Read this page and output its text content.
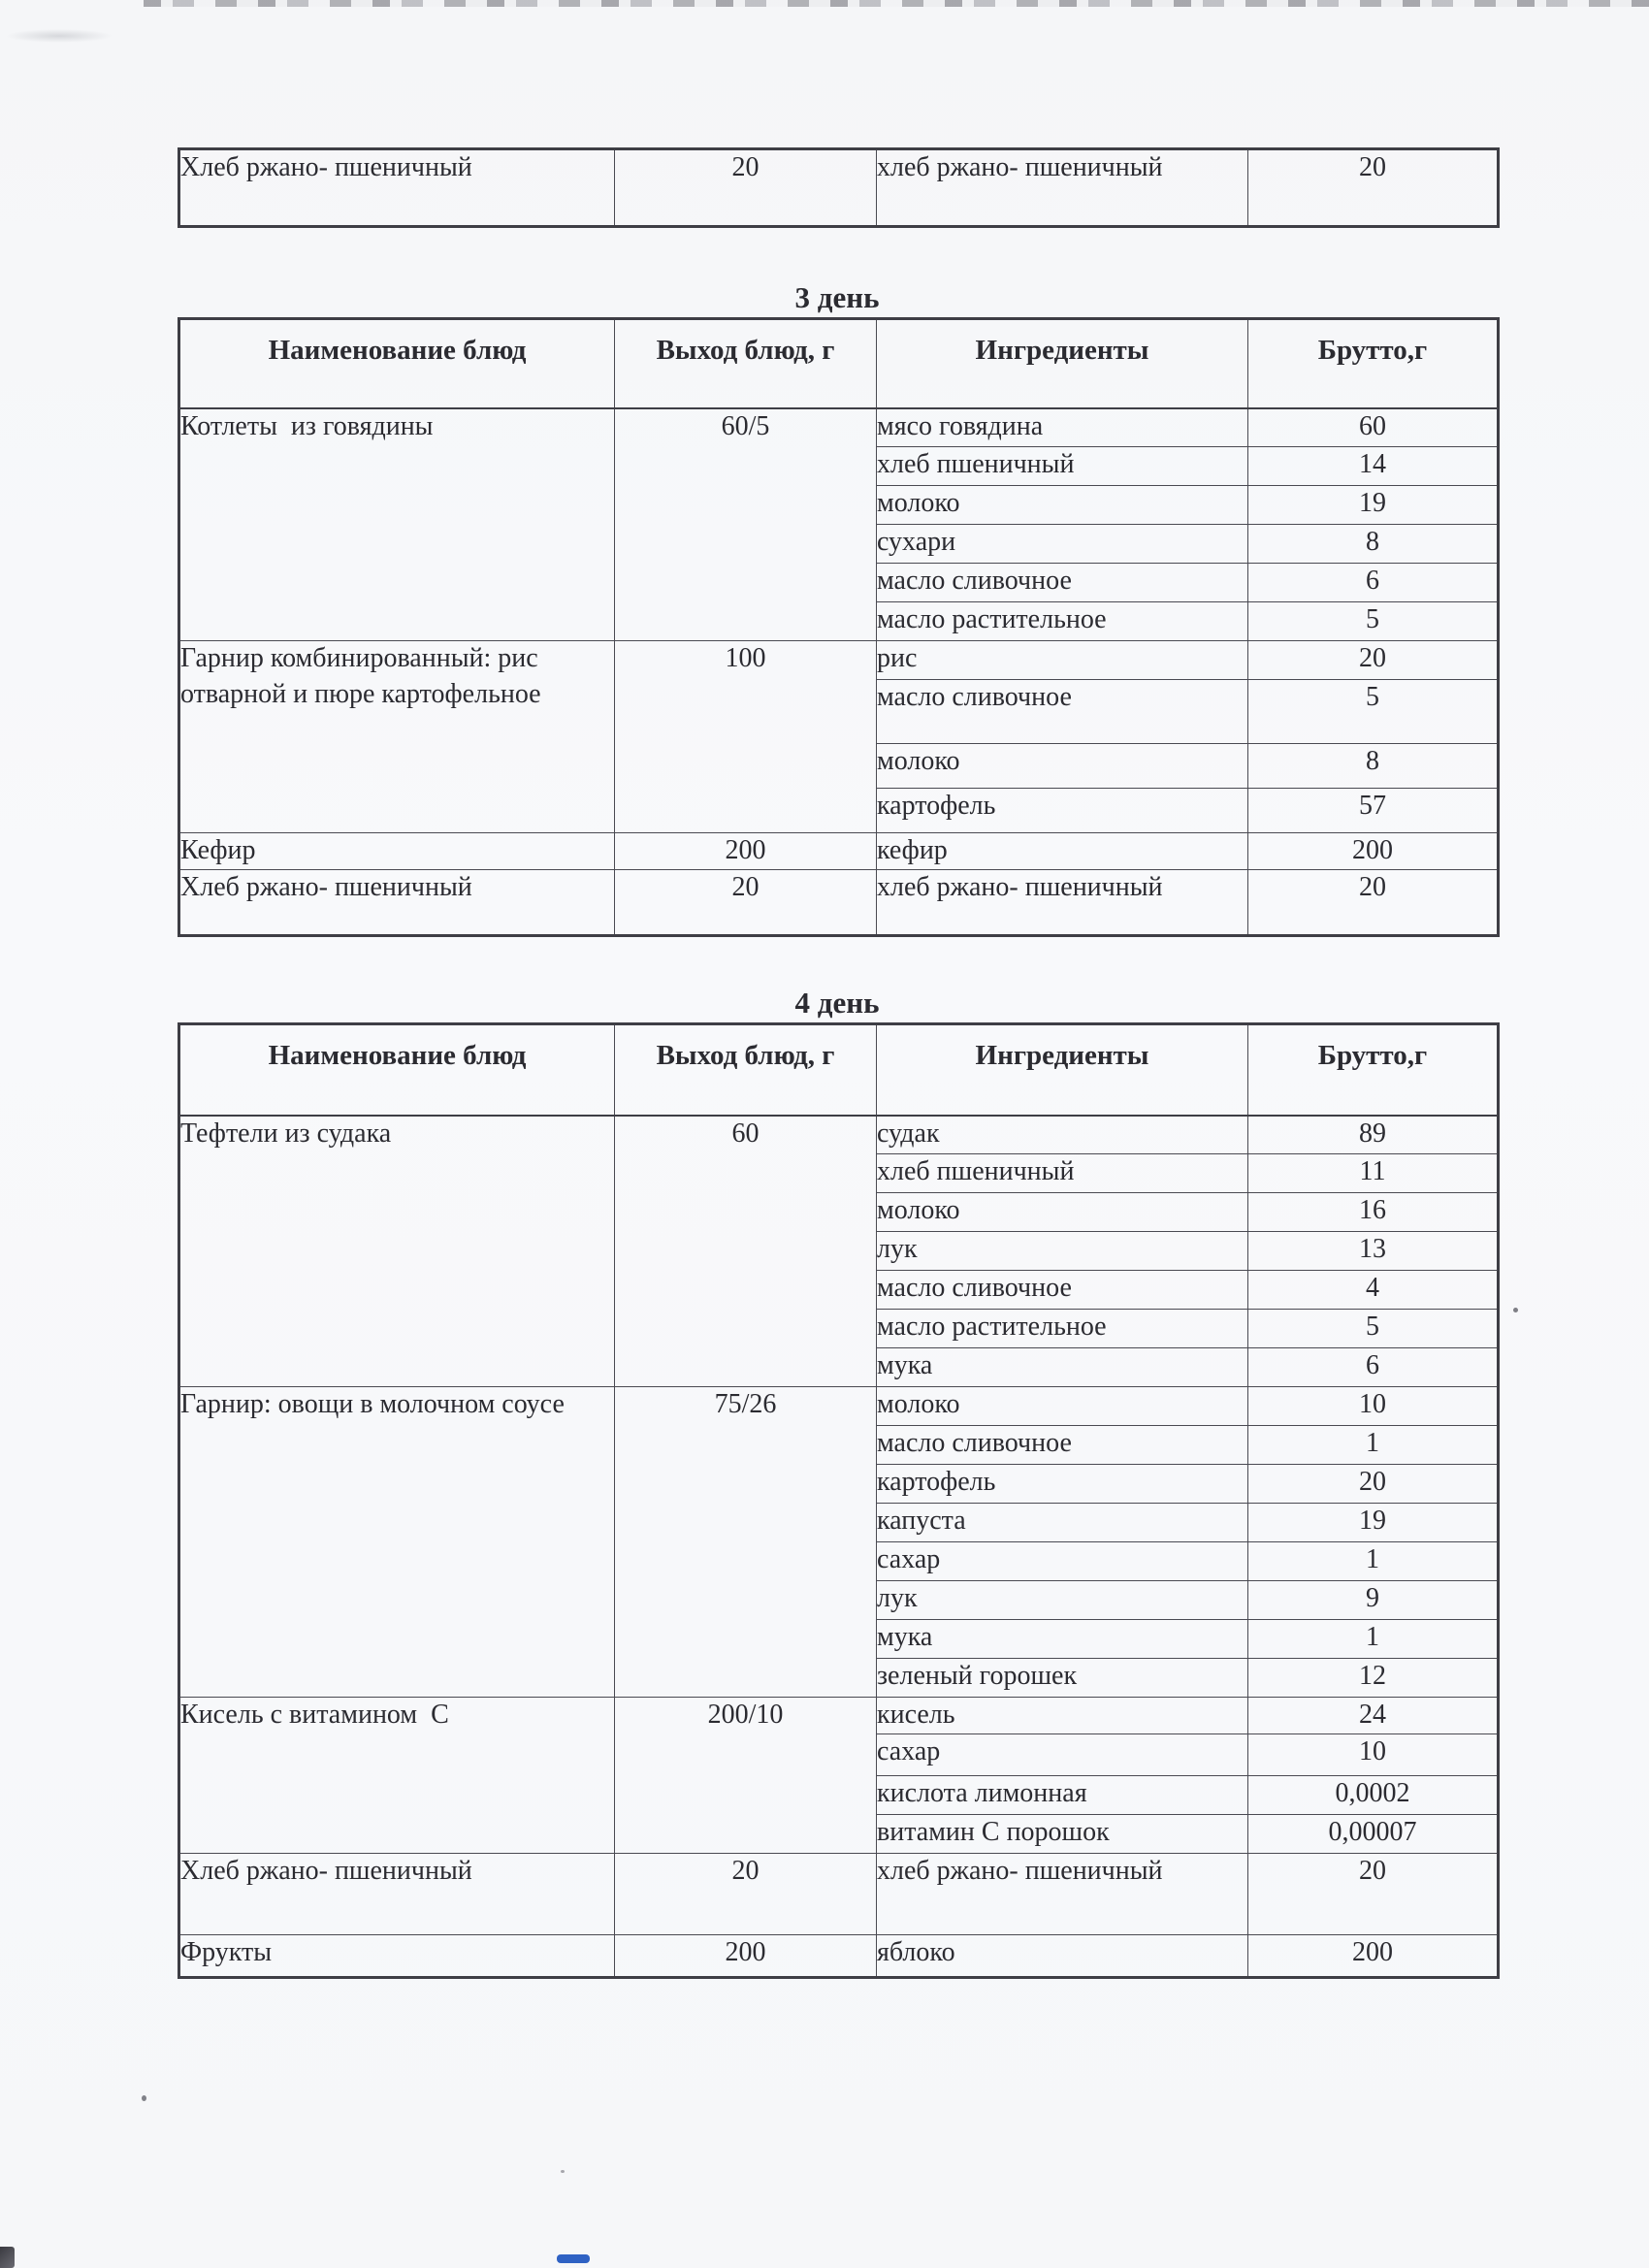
Хлеб ржано- пшеничный	20	хлеб ржано- пшеничный	20
3 день
Наименование блюд	Выход блюд, г	Ингредиенты	Брутто,г
Котлеты  из говядины	60/5	мясо говядина	60
		хлеб пшеничный	14
		молоко	19
		сухари	8
		масло сливочное	6
		масло растительное	5
Гарнир комбинированный: рис отварной и пюре картофельное	100	рис	20
		масло сливочное	5
		молоко	8
		картофель	57
Кефир	200	кефир	200
Хлеб ржано- пшеничный	20	хлеб ржано- пшеничный	20
4 день
Наименование блюд	Выход блюд, г	Ингредиенты	Брутто,г
Тефтели из судака	60	судак	89
		хлеб пшеничный	11
		молоко	16
		лук	13
		масло сливочное	4
		масло растительное	5
		мука	6
Гарнир: овощи в молочном соусе	75/26	молоко	10
		масло сливочное	1
		картофель	20
		капуста	19
		сахар	1
		лук	9
		мука	1
		зеленый горошек	12
Кисель с витамином  С	200/10	кисель	24
		сахар	10
		кислота лимонная	0,0002
		витамин С порошок	0,00007
Хлеб ржано- пшеничный	20	хлеб ржано- пшеничный	20
Фрукты	200	яблоко	200
